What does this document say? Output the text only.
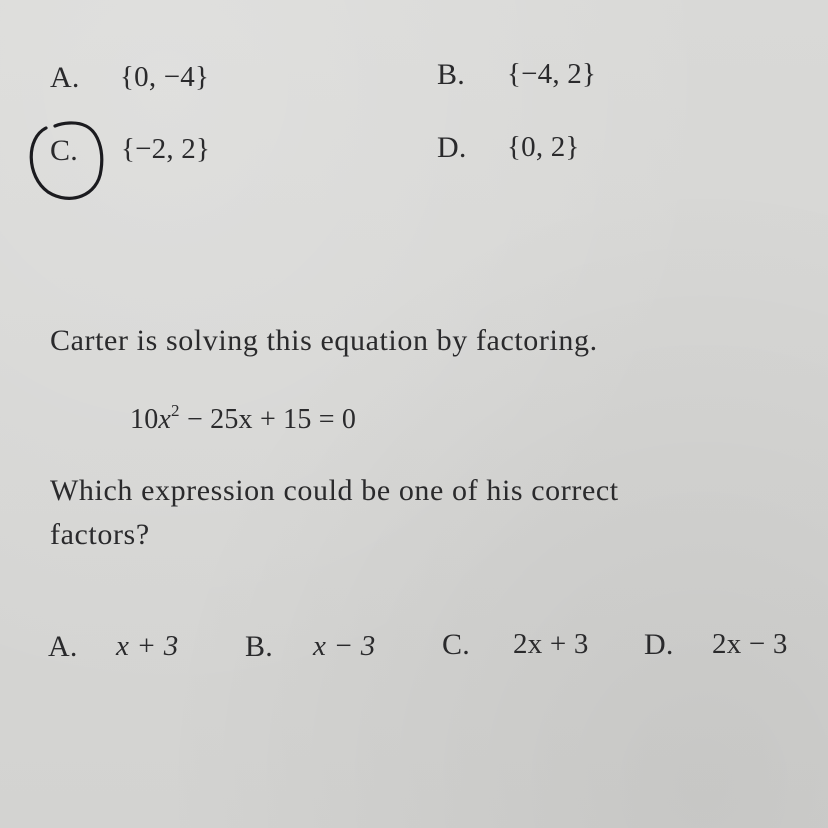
A. {0, −4}	B. {−4, 2}
C. {−2, 2}	D. {0, 2}
Carter is solving this equation by factoring.
$10x^2 - 25x + 15 = 0$
Which expression could be one of his correct
factors?
A. x + 3 B. x − 3 C. 2x + 3 D. 2x − 3
